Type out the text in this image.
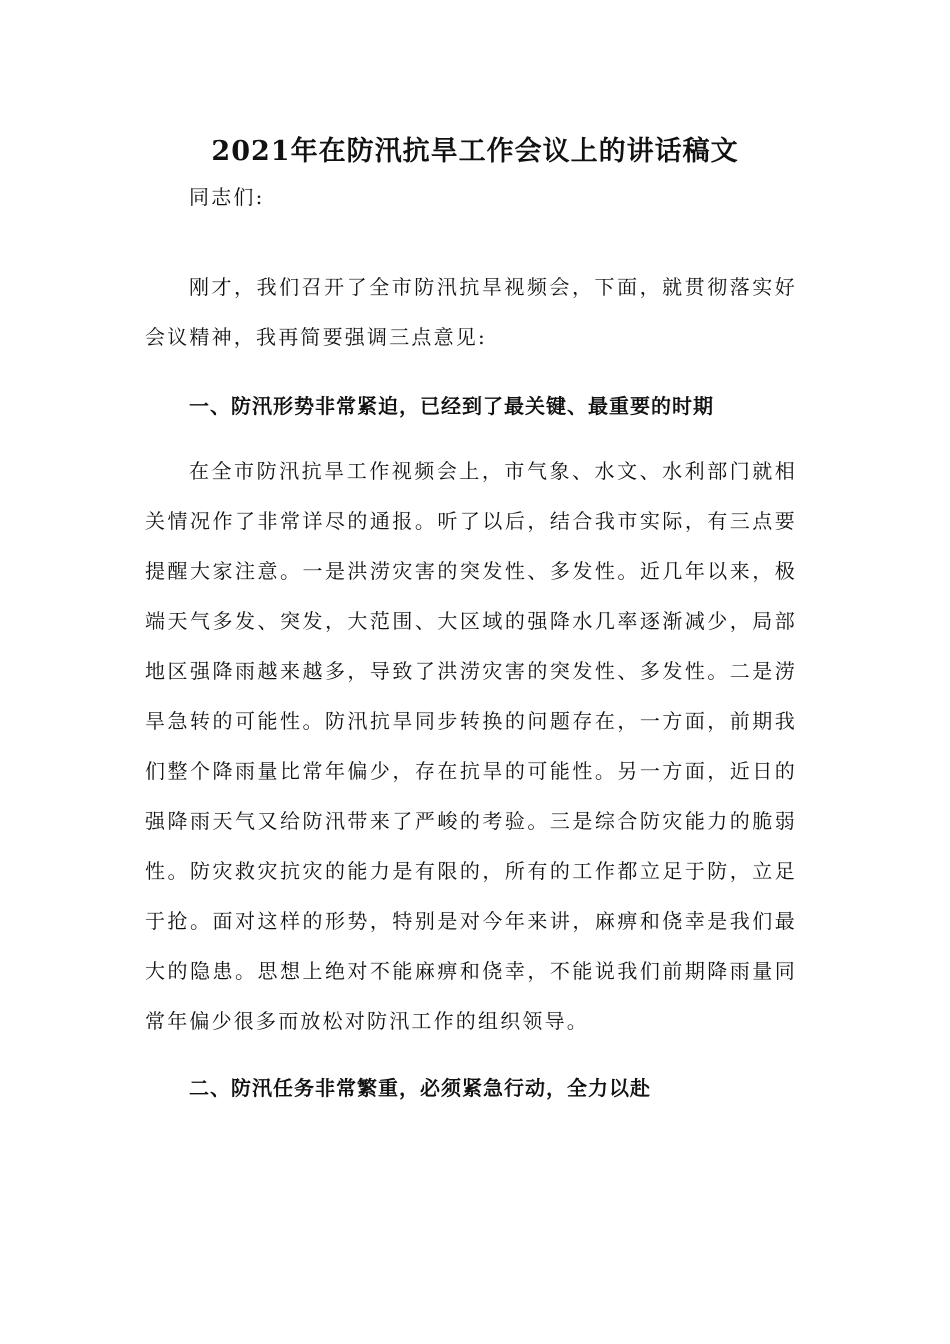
2021年在防汛抗旱工作会议上的讲话稿文

同志们:

刚才，我们召开了全市防汛抗旱视频会，下面，就贯彻落实好会议精神，我再简要强调三点意见:

一、防汛形势非常紧迫，已经到了最关键、最重要的时期

在全市防汛抗旱工作视频会上，市气象、水文、水利部门就相关情况作了非常详尽的通报。听了以后，结合我市实际，有三点要提醒大家注意。一是洪涝灾害的突发性、多发性。近几年以来，极端天气多发、突发，大范围、大区域的强降水几率逐渐减少，局部地区强降雨越来越多，导致了洪涝灾害的突发性、多发性。二是涝旱急转的可能性。防汛抗旱同步转换的问题存在，一方面，前期我们整个降雨量比常年偏少，存在抗旱的可能性。另一方面，近日的强降雨天气又给防汛带来了严峻的考验。三是综合防灾能力的脆弱性。防灾救灾抗灾的能力是有限的，所有的工作都立足于防，立足于抢。面对这样的形势，特别是对今年来讲，麻痹和侥幸是我们最大的隐患。思想上绝对不能麻痹和侥幸，不能说我们前期降雨量同常年偏少很多而放松对防汛工作的组织领导。

二、防汛任务非常繁重，必须紧急行动，全力以赴
